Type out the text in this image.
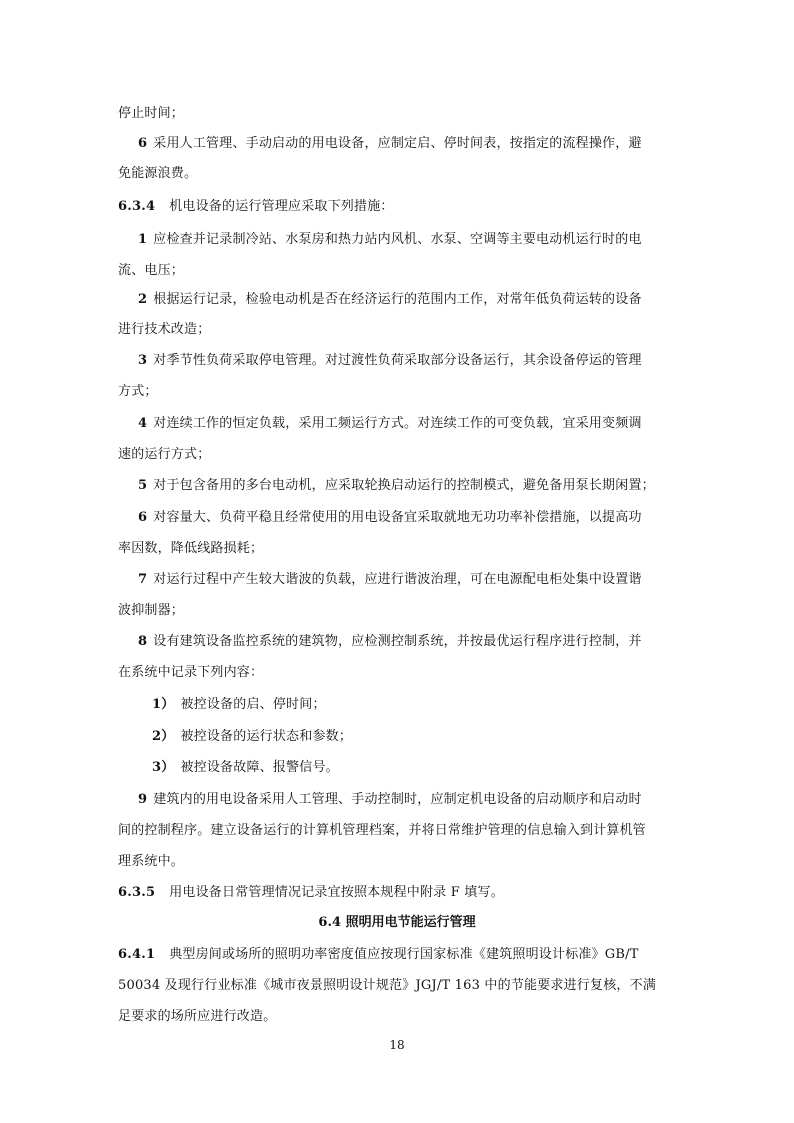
停止时间；
6 采用人工管理、手动启动的用电设备，应制定启、停时间表，按指定的流程操作，避
免能源浪费。
6.3.4 机电设备的运行管理应采取下列措施：
1 应检查并记录制冷站、水泵房和热力站内风机、水泵、空调等主要电动机运行时的电
流、电压；
2 根据运行记录，检验电动机是否在经济运行的范围内工作，对常年低负荷运转的设备
进行技术改造；
3 对季节性负荷采取停电管理。对过渡性负荷采取部分设备运行，其余设备停运的管理
方式；
4 对连续工作的恒定负载，采用工频运行方式。对连续工作的可变负载，宜采用变频调
速的运行方式；
5 对于包含备用的多台电动机，应采取轮换启动运行的控制模式，避免备用泵长期闲置；
6 对容量大、负荷平稳且经常使用的用电设备宜采取就地无功功率补偿措施，以提高功
率因数，降低线路损耗；
7 对运行过程中产生较大谐波的负载，应进行谐波治理，可在电源配电柜处集中设置谐
波抑制器；
8 设有建筑设备监控系统的建筑物，应检测控制系统，并按最优运行程序进行控制，并
在系统中记录下列内容：
1） 被控设备的启、停时间；
2） 被控设备的运行状态和参数；
3） 被控设备故障、报警信号。
9 建筑内的用电设备采用人工管理、手动控制时，应制定机电设备的启动顺序和启动时
间的控制程序。建立设备运行的计算机管理档案，并将日常维护管理的信息输入到计算机管
理系统中。
6.3.5 用电设备日常管理情况记录宜按照本规程中附录 F 填写。
6.4 照明用电节能运行管理
6.4.1 典型房间或场所的照明功率密度值应按现行国家标准《建筑照明设计标准》GB/T
50034 及现行行业标准《城市夜景照明设计规范》JGJ/T 163 中的节能要求进行复核，不满
足要求的场所应进行改造。
18
